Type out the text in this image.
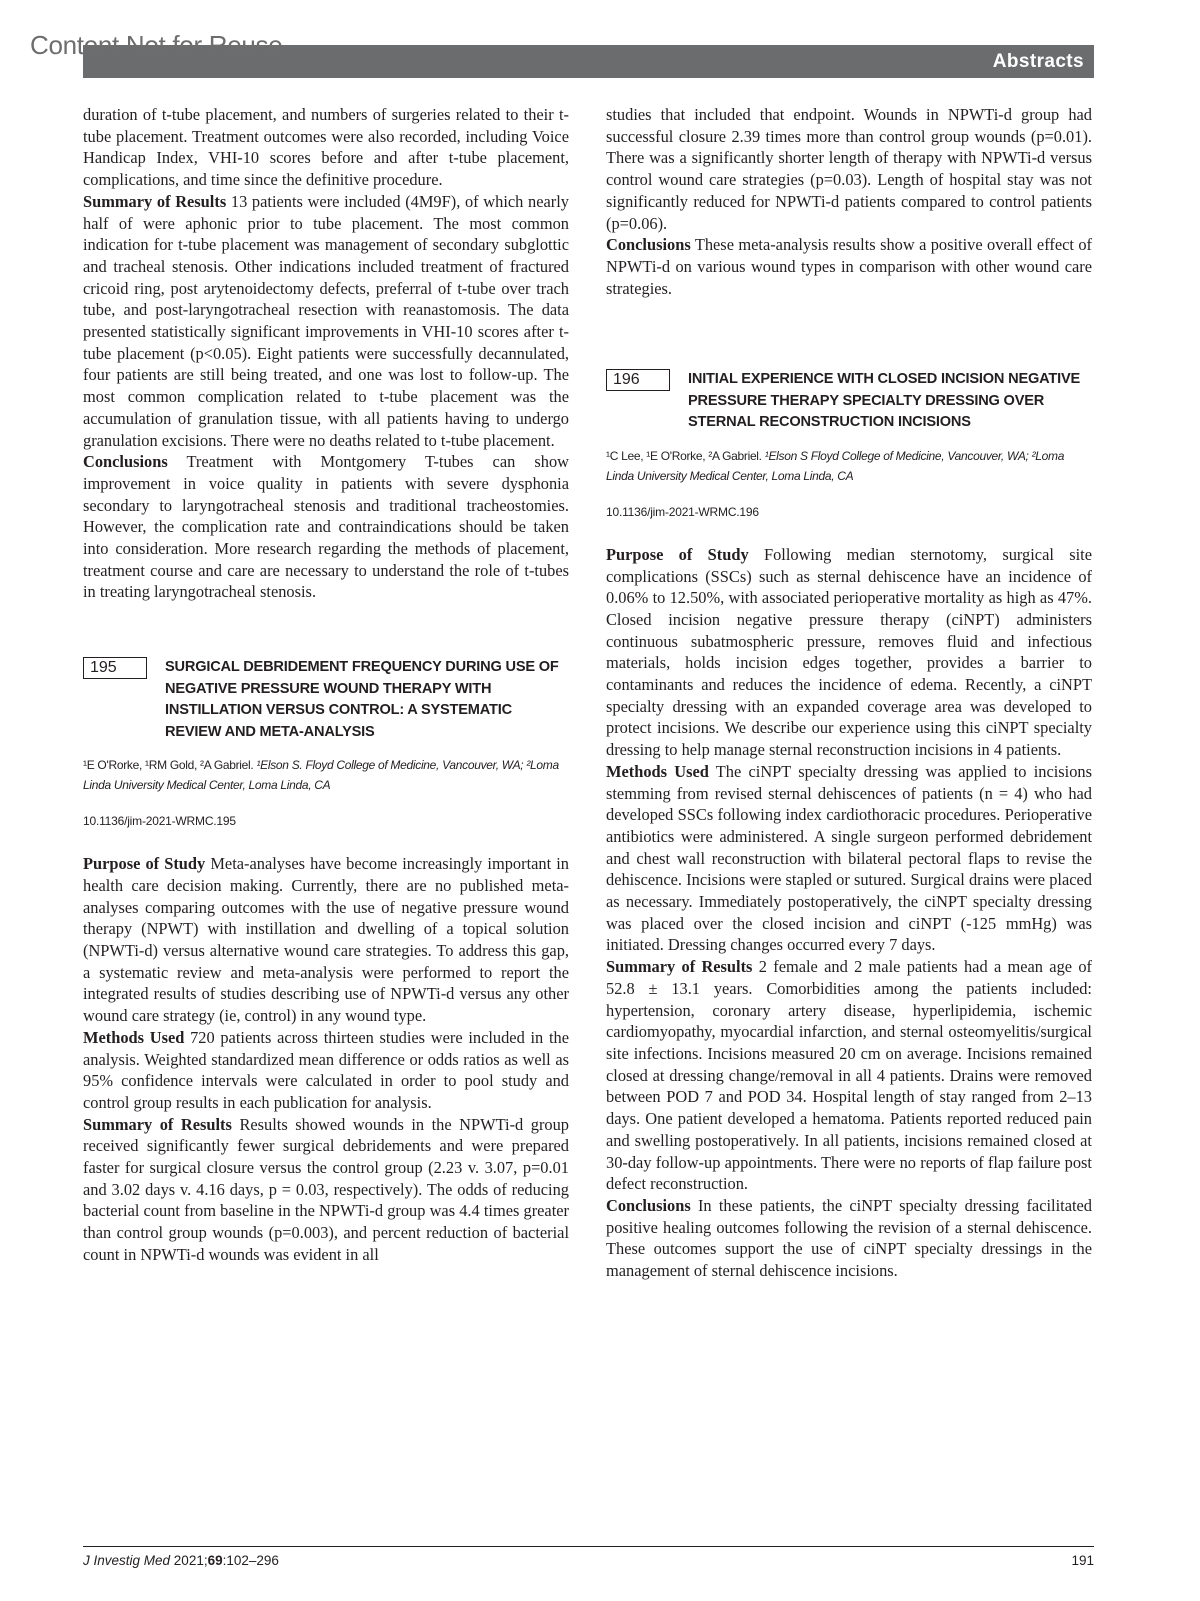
Content Not for Reuse
Abstracts

duration of t-tube placement, and numbers of surgeries related to their t-tube placement. Treatment outcomes were also recorded, including Voice Handicap Index, VHI-10 scores before and after t-tube placement, complications, and time since the definitive procedure.

Summary of Results 13 patients were included (4M9F), of which nearly half of were aphonic prior to tube placement. The most common indication for t-tube placement was management of secondary subglottic and tracheal stenosis. Other indications included treatment of fractured cricoid ring, post arytenoidectomy defects, preferral of t-tube over trach tube, and post-laryngotracheal resection with reanastomosis. The data presented statistically significant improvements in VHI-10 scores after t-tube placement (p<0.05). Eight patients were successfully decannulated, four patients are still being treated, and one was lost to follow-up. The most common complication related to t-tube placement was the accumulation of granulation tissue, with all patients having to undergo granulation excisions. There were no deaths related to t-tube placement.

Conclusions Treatment with Montgomery T-tubes can show improvement in voice quality in patients with severe dysphonia secondary to laryngotracheal stenosis and traditional tracheostomies. However, the complication rate and contraindications should be taken into consideration. More research regarding the methods of placement, treatment course and care are necessary to understand the role of t-tubes in treating laryngotracheal stenosis.

195	SURGICAL DEBRIDEMENT FREQUENCY DURING USE OF NEGATIVE PRESSURE WOUND THERAPY WITH INSTILLATION VERSUS CONTROL: A SYSTEMATIC REVIEW AND META-ANALYSIS

¹E O'Rorke, ¹RM Gold, ²A Gabriel. ¹Elson S. Floyd College of Medicine, Vancouver, WA; ²Loma Linda University Medical Center, Loma Linda, CA

10.1136/jim-2021-WRMC.195

Purpose of Study Meta-analyses have become increasingly important in health care decision making. Currently, there are no published meta-analyses comparing outcomes with the use of negative pressure wound therapy (NPWT) with instillation and dwelling of a topical solution (NPWTi-d) versus alternative wound care strategies. To address this gap, a systematic review and meta-analysis were performed to report the integrated results of studies describing use of NPWTi-d versus any other wound care strategy (ie, control) in any wound type.

Methods Used 720 patients across thirteen studies were included in the analysis. Weighted standardized mean difference or odds ratios as well as 95% confidence intervals were calculated in order to pool study and control group results in each publication for analysis.

Summary of Results Results showed wounds in the NPWTi-d group received significantly fewer surgical debridements and were prepared faster for surgical closure versus the control group (2.23 v. 3.07, p=0.01 and 3.02 days v. 4.16 days, p = 0.03, respectively). The odds of reducing bacterial count from baseline in the NPWTi-d group was 4.4 times greater than control group wounds (p=0.003), and percent reduction of bacterial count in NPWTi-d wounds was evident in all

studies that included that endpoint. Wounds in NPWTi-d group had successful closure 2.39 times more than control group wounds (p=0.01). There was a significantly shorter length of therapy with NPWTi-d versus control wound care strategies (p=0.03). Length of hospital stay was not significantly reduced for NPWTi-d patients compared to control patients (p=0.06).

Conclusions These meta-analysis results show a positive overall effect of NPWTi-d on various wound types in comparison with other wound care strategies.

196	INITIAL EXPERIENCE WITH CLOSED INCISION NEGATIVE PRESSURE THERAPY SPECIALTY DRESSING OVER STERNAL RECONSTRUCTION INCISIONS

¹C Lee, ¹E O'Rorke, ²A Gabriel. ¹Elson S Floyd College of Medicine, Vancouver, WA; ²Loma Linda University Medical Center, Loma Linda, CA

10.1136/jim-2021-WRMC.196

Purpose of Study Following median sternotomy, surgical site complications (SSCs) such as sternal dehiscence have an incidence of 0.06% to 12.50%, with associated perioperative mortality as high as 47%. Closed incision negative pressure therapy (ciNPT) administers continuous subatmospheric pressure, removes fluid and infectious materials, holds incision edges together, provides a barrier to contaminants and reduces the incidence of edema. Recently, a ciNPT specialty dressing with an expanded coverage area was developed to protect incisions. We describe our experience using this ciNPT specialty dressing to help manage sternal reconstruction incisions in 4 patients.

Methods Used The ciNPT specialty dressing was applied to incisions stemming from revised sternal dehiscences of patients (n = 4) who had developed SSCs following index cardiothoracic procedures. Perioperative antibiotics were administered. A single surgeon performed debridement and chest wall reconstruction with bilateral pectoral flaps to revise the dehiscence. Incisions were stapled or sutured. Surgical drains were placed as necessary. Immediately postoperatively, the ciNPT specialty dressing was placed over the closed incision and ciNPT (-125 mmHg) was initiated. Dressing changes occurred every 7 days.

Summary of Results 2 female and 2 male patients had a mean age of 52.8 ± 13.1 years. Comorbidities among the patients included: hypertension, coronary artery disease, hyperlipidemia, ischemic cardiomyopathy, myocardial infarction, and sternal osteomyelitis/surgical site infections. Incisions measured 20 cm on average. Incisions remained closed at dressing change/removal in all 4 patients. Drains were removed between POD 7 and POD 34. Hospital length of stay ranged from 2–13 days. One patient developed a hematoma. Patients reported reduced pain and swelling postoperatively. In all patients, incisions remained closed at 30-day follow-up appointments. There were no reports of flap failure post defect reconstruction.

Conclusions In these patients, the ciNPT specialty dressing facilitated positive healing outcomes following the revision of a sternal dehiscence. These outcomes support the use of ciNPT specialty dressings in the management of sternal dehiscence incisions.

J Investig Med 2021;69:102–296	191
